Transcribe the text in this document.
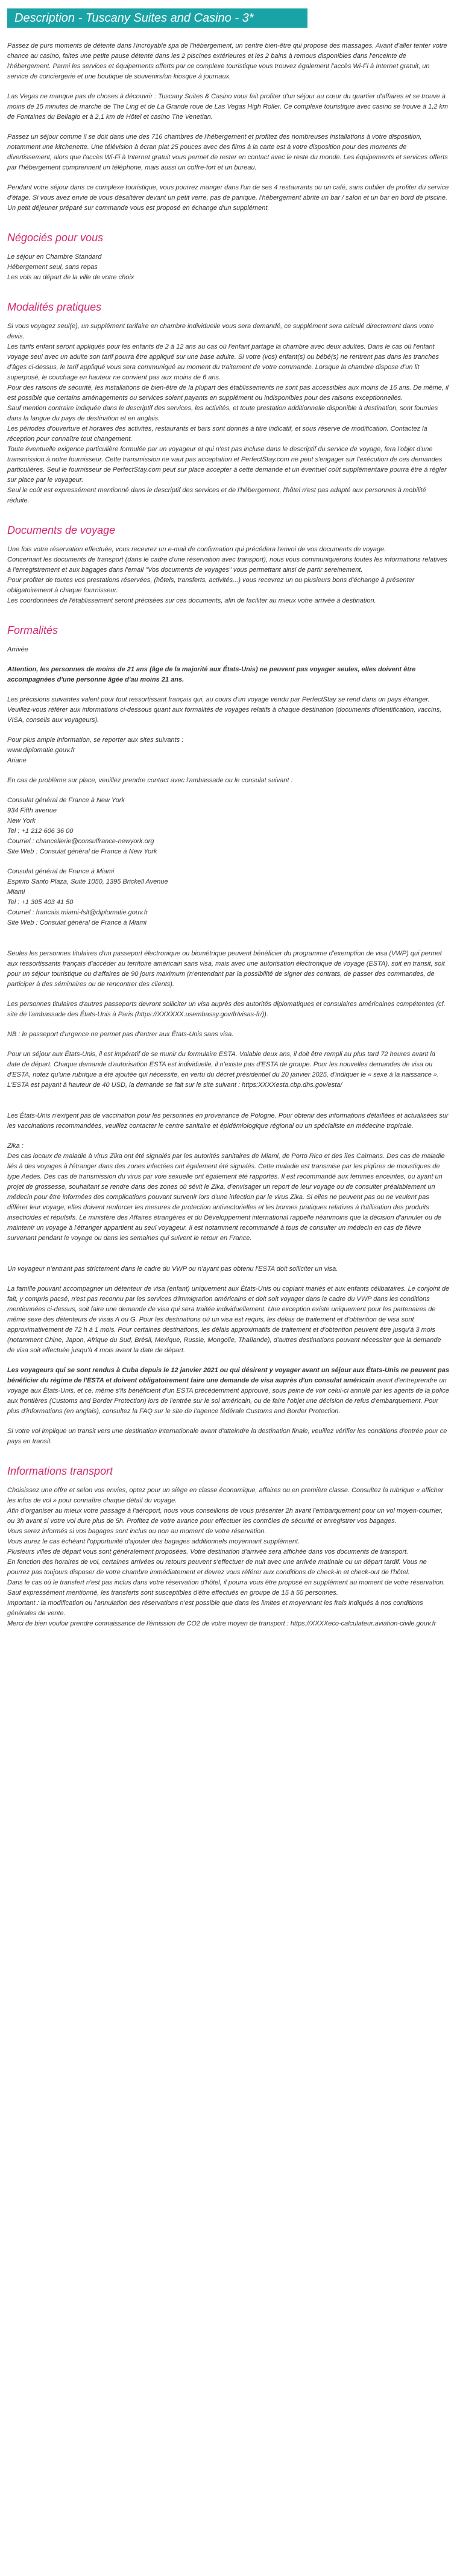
Description - Tuscany Suites and Casino - 3*

Passez de purs moments de détente dans l'incroyable spa de l'hébergement, un centre bien-être qui propose des massages. Avant d'aller tenter votre chance au casino, faites une petite pause détente dans les 2 piscines extérieures et les 2 bains à remous disponibles dans l'enceinte de l'hébergement. Parmi les services et équipements offerts par ce complexe touristique vous trouvez également l'accès Wi-Fi à Internet gratuit, un service de conciergerie et une boutique de souvenirs/un kiosque à journaux.

Las Vegas ne manque pas de choses à découvrir : Tuscany Suites & Casino vous fait profiter d'un séjour au cœur du quartier d'affaires et se trouve à moins de 15 minutes de marche de The Ling et de La Grande roue de Las Vegas High Roller. Ce complexe touristique avec casino se trouve à 1,2 km de Fontaines du Bellagio et à 2,1 km de Hôtel et casino The Venetian.

Passez un séjour comme il se doit dans une des 716 chambres de l'hébergement et profitez des nombreuses installations à votre disposition, notamment une kitchenette. Une télévision à écran plat 25 pouces avec des films à la carte est à votre disposition pour des moments de divertissement, alors que l'accès Wi-Fi à Internet gratuit vous permet de rester en contact avec le reste du monde. Les équipements et services offerts par l'hébergement comprennent un téléphone, mais aussi un coffre-fort et un bureau.

Pendant votre séjour dans ce complexe touristique, vous pourrez manger dans l'un de ses 4 restaurants ou un café, sans oublier de profiter du service d'étage. Si vous avez envie de vous désaltérer devant un petit verre, pas de panique, l'hébergement abrite un bar / salon et un bar en bord de piscine. Un petit déjeuner préparé sur commande vous est proposé en échange d'un supplément.

Négociés pour vous

Le séjour en Chambre Standard
Hébergement seul, sans repas
Les vols au départ de la ville de votre choix

Modalités pratiques

Si vous voyagez seul(e), un supplément tarifaire en chambre individuelle vous sera demandé, ce supplément sera calculé directement dans votre devis.
Les tarifs enfant seront appliqués pour les enfants de 2 à 12 ans au cas où l'enfant partage la chambre avec deux adultes. Dans le cas où l'enfant voyage seul avec un adulte son tarif pourra être appliqué sur une base adulte. Si votre (vos) enfant(s) ou bébé(s) ne rentrent pas dans les tranches d'âges ci-dessus, le tarif appliqué vous sera communiqué au moment du traitement de votre commande. Lorsque la chambre dispose d'un lit superposé, le couchage en hauteur ne convient pas aux moins de 6 ans.
Pour des raisons de sécurité, les installations de bien-être de la plupart des établissements ne sont pas accessibles aux moins de 16 ans. De même, il est possible que certains aménagements ou services soient payants en supplément ou indisponibles pour des raisons exceptionnelles.
Sauf mention contraire indiquée dans le descriptif des services, les activités, et toute prestation additionnelle disponible à destination, sont fournies dans la langue du pays de destination et en anglais.
Les périodes d'ouverture et horaires des activités, restaurants et bars sont donnés à titre indicatif, et sous réserve de modification. Contactez la réception pour connaître tout changement.
Toute éventuelle exigence particulière formulée par un voyageur et qui n'est pas incluse dans le descriptif du service de voyage, fera l'objet d'une transmission à notre fournisseur. Cette transmission ne vaut pas acceptation et PerfectStay.com ne peut s'engager sur l'exécution de ces demandes particulières. Seul le fournisseur de PerfectStay.com peut sur place accepter à cette demande et un éventuel coût supplémentaire pourra être à régler sur place par le voyageur.
Seul le coût est expressément mentionné dans le descriptif des services et de l'hébergement, l'hôtel n'est pas adapté aux personnes à mobilité réduite.

Documents de voyage

Une fois votre réservation effectuée, vous recevrez un e-mail de confirmation qui précédera l'envoi de vos documents de voyage.
Concernant les documents de transport (dans le cadre d'une réservation avec transport), nous vous communiquerons toutes les informations relatives à l'enregistrement et aux bagages dans l'email "Vos documents de voyages" vous permettant ainsi de partir sereinement.
Pour profiter de toutes vos prestations réservées, (hôtels, transferts, activités...) vous recevrez un ou plusieurs bons d'échange à présenter obligatoirement à chaque fournisseur.
Les coordonnées de l'établissement seront précisées sur ces documents, afin de faciliter au mieux votre arrivée à destination.

Formalités

Arrivée

Attention, les personnes de moins de 21 ans (âge de la majorité aux États-Unis) ne peuvent pas voyager seules, elles doivent être accompagnées d'une personne âgée d'au moins 21 ans.

Les précisions suivantes valent pour tout ressortissant français qui, au cours d'un voyage vendu par PerfectStay se rend dans un pays étranger.
Veuillez-vous référer aux informations ci-dessous quant aux formalités de voyages relatifs à chaque destination (documents d'identification, vaccins, VISA, conseils aux voyageurs).

Pour plus ample information, se reporter aux sites suivants :
www.diplomatie.gouv.fr
Ariane

En cas de problème sur place, veuillez prendre contact avec l'ambassade ou le consulat suivant :

Consulat général de France à New York
934 Fifth avenue
New York
Tel : +1 212 606 36 00
Courriel : chancellerie@consulfrance-newyork.org
Site Web : Consulat général de France à New York

Consulat général de France à Miami
Espirito Santo Plaza, Suite 1050, 1395 Brickell Avenue
Miami
Tel : +1 305 403 41 50
Courriel : francais.miami-fslt@diplomatie.gouv.fr
Site Web : Consulat général de France à Miami

Seules les personnes titulaires d'un passeport électronique ou biométrique peuvent bénéficier du programme d'exemption de visa (VWP) qui permet aux ressortissants français d'accéder au territoire américain sans visa, mais avec une autorisation électronique de voyage (ESTA), soit en transit, soit pour un séjour touristique ou d'affaires de 90 jours maximum (n'entendant par la possibilité de signer des contrats, de passer des commandes, de participer à des séminaires ou de rencontrer des clients).

Les personnes titulaires d'autres passeports devront solliciter un visa auprès des autorités diplomatiques et consulaires américaines compétentes (cf. site de l'ambassade des États-Unis à Paris (https://XXXXXX.usembassy.gov/fr/visas-fr/)).

NB : le passeport d'urgence ne permet pas d'entrer aux États-Unis sans visa.

Pour un séjour aux États-Unis, il est impératif de se munir du formulaire ESTA. Valable deux ans, il doit être rempli au plus tard 72 heures avant la date de départ. Chaque demande d'autorisation ESTA est individuelle, il n'existe pas d'ESTA de groupe. Pour les nouvelles demandes de visa ou d'ESTA, notez qu'une rubrique a été ajoutée qui nécessite, en vertu du décret présidentiel du 20 janvier 2025, d'indiquer le « sexe à la naissance ». L'ESTA est payant à hauteur de 40 USD, la demande se fait sur le site suivant : https:XXXXesta.cbp.dhs.gov/esta/

Les États-Unis n'exigent pas de vaccination pour les personnes en provenance de Pologne. Pour obtenir des informations détaillées et actualisées sur les vaccinations recommandées, veuillez contacter le centre sanitaire et épidémiologique régional ou un spécialiste en médecine tropicale.

Zika :
Des cas locaux de maladie à virus Zika ont été signalés par les autorités sanitaires de Miami, de Porto Rico et des îles Caïmans. Des cas de maladie liés à des voyages à l'étranger dans des zones infectées ont également été signalés. Cette maladie est transmise par les piqûres de moustiques de type Aedes. Des cas de transmission du virus par voie sexuelle ont également été rapportés. Il est recommandé aux femmes enceintes, ou ayant un projet de grossesse, souhaitant se rendre dans des zones où sévit le Zika, d'envisager un report de leur voyage ou de consulter préalablement un médecin pour être informées des complications pouvant survenir lors d'une infection par le virus Zika. Si elles ne peuvent pas ou ne veulent pas différer leur voyage, elles doivent renforcer les mesures de protection antivectorielles et les bonnes pratiques relatives à l'utilisation des produits insecticides et répulsifs. Le ministère des Affaires étrangères et du Développement international rappelle néanmoins que la décision d'annuler ou de maintenir un voyage à l'étranger appartient au seul voyageur. Il est notamment recommandé à tous de consulter un médecin en cas de fièvre survenant pendant le voyage ou dans les semaines qui suivent le retour en France.

Un voyageur n'entrant pas strictement dans le cadre du VWP ou n'ayant pas obtenu l'ESTA doit solliciter un visa.

La famille pouvant accompagner un détenteur de visa (enfant) uniquement aux États-Unis ou copiant mariés et aux enfants célibataires. Le conjoint de fait, y compris pacsé, n'est pas reconnu par les services d'immigration américains et doit soit voyager dans le cadre du VWP dans les conditions mentionnées ci-dessus, soit faire une demande de visa qui sera traitée individuellement. Une exception existe uniquement pour les partenaires de même sexe des détenteurs de visas A ou G. Pour les destinations où un visa est requis, les délais de traitement et d'obtention de visa sont approximativement de 72 h à 1 mois. Pour certaines destinations, les délais approximatifs de traitement et d'obtention peuvent être jusqu'à 3 mois (notamment Chine, Japon, Afrique du Sud, Brésil, Mexique, Russie, Mongolie, Thaïlande), d'autres destinations pouvant nécessiter que la demande de visa soit effectuée jusqu'à 4 mois avant la date de départ.

Les voyageurs qui se sont rendus à Cuba depuis le 12 janvier 2021 ou qui désirent y voyager avant un séjour aux États-Unis ne peuvent pas bénéficier du régime de l'ESTA et doivent obligatoirement faire une demande de visa auprès d'un consulat américain avant d'entreprendre un voyage aux États-Unis, et ce, même s'ils bénéficient d'un ESTA précédemment approuvé, sous peine de voir celui-ci annulé par les agents de la police aux frontières (Customs and Border Protection) lors de l'entrée sur le sol américain, ou de faire l'objet une décision de refus d'embarquement. Pour plus d'informations (en anglais), consultez la FAQ sur le site de l'agence fédérale Customs and Border Protection.

Si votre vol implique un transit vers une destination internationale avant d'atteindre la destination finale, veuillez vérifier les conditions d'entrée pour ce pays en transit.

Informations transport

Choisissez une offre et selon vos envies, optez pour un siège en classe économique, affaires ou en première classe. Consultez la rubrique « afficher les infos de vol » pour connaître chaque détail du voyage.
Afin d'organiser au mieux votre passage à l'aéroport, nous vous conseillons de vous présenter 2h avant l'embarquement pour un vol moyen-courrier, ou 3h avant si votre vol dure plus de 5h. Profitez de votre avance pour effectuer les contrôles de sécurité et enregistrer vos bagages.
Vous serez informés si vos bagages sont inclus ou non au moment de votre réservation.
Vous aurez le cas échéant l'opportunité d'ajouter des bagages additionnels moyennant supplément.
Plusieurs villes de départ vous sont généralement proposées. Votre destination d'arrivée sera affichée dans vos documents de transport.
En fonction des horaires de vol, certaines arrivées ou retours peuvent s'effectuer de nuit avec une arrivée matinale ou un départ tardif. Vous ne pourrez pas toujours disposer de votre chambre immédiatement et devrez vous référer aux conditions de check-in et check-out de l'hôtel.
Dans le cas où le transfert n'est pas inclus dans votre réservation d'hôtel, il pourra vous être proposé en supplément au moment de votre réservation. Sauf expressément mentionné, les transferts sont susceptibles d'être effectués en groupe de 15 à 55 personnes.
Important : la modification ou l'annulation des réservations n'est possible que dans les limites et moyennant les frais indiqués à nos conditions générales de vente.
Merci de bien vouloir prendre connaissance de l'émission de CO2 de votre moyen de transport : https://XXXXeco-calculateur.aviation-civile.gouv.fr
